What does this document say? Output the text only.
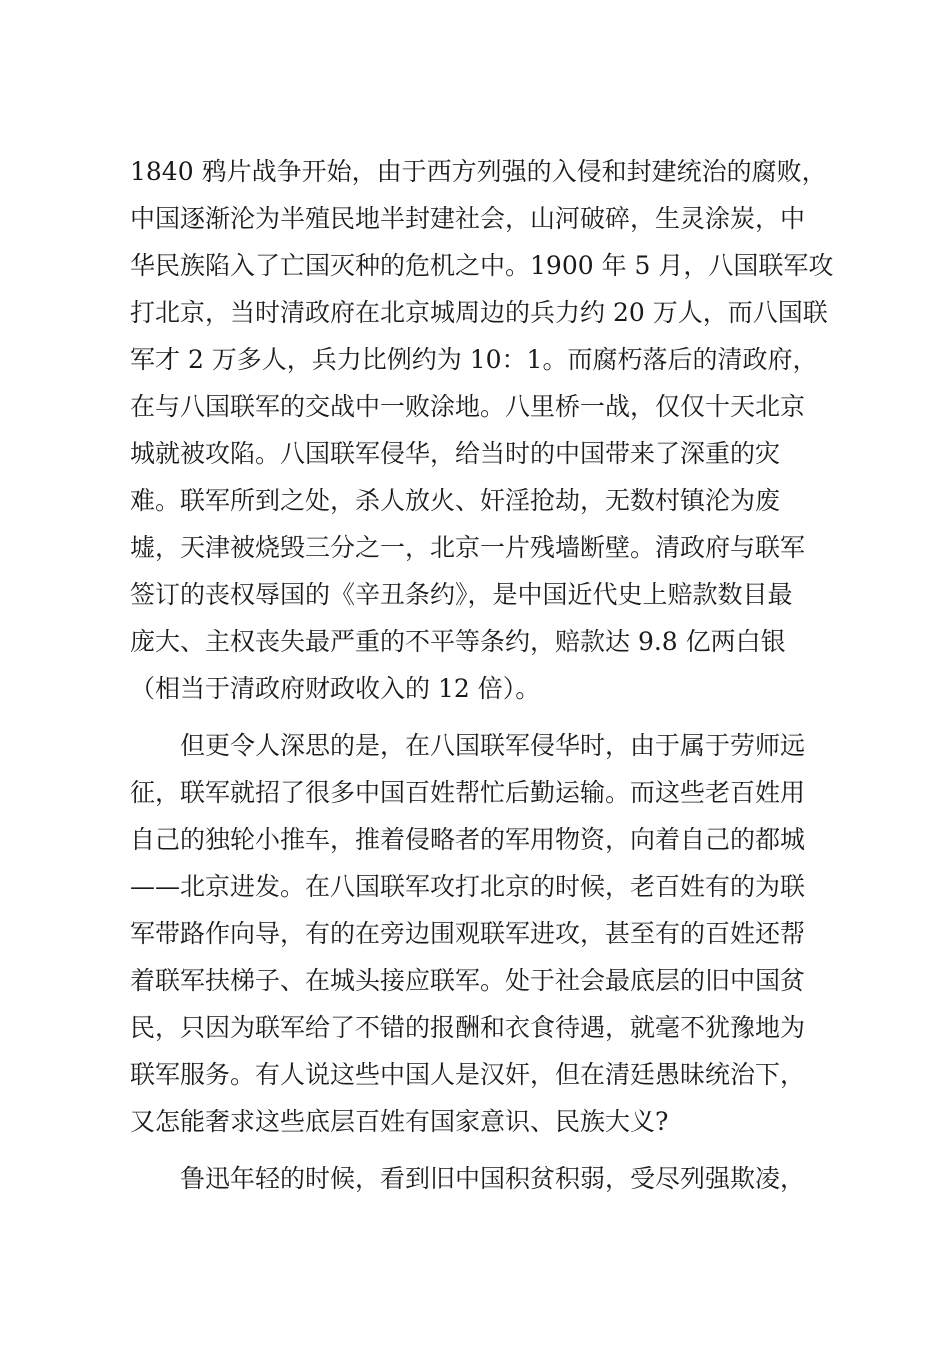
1840 鸦片战争开始，由于西方列强的入侵和封建统治的腐败，
中国逐渐沦为半殖民地半封建社会，山河破碎，生灵涂炭，中
华民族陷入了亡国灭种的危机之中。1900 年 5 月，八国联军攻
打北京，当时清政府在北京城周边的兵力约 20 万人，而八国联
军才 2 万多人，兵力比例约为 10：1。而腐朽落后的清政府，
在与八国联军的交战中一败涂地。八里桥一战，仅仅十天北京
城就被攻陷。八国联军侵华，给当时的中国带来了深重的灾
难。联军所到之处，杀人放火、奸淫抢劫，无数村镇沦为废
墟，天津被烧毁三分之一，北京一片残墙断壁。清政府与联军
签订的丧权辱国的《辛丑条约》，是中国近代史上赔款数目最
庞大、主权丧失最严重的不平等条约，赔款达 9.8 亿两白银
（相当于清政府财政收入的 12 倍）。
但更令人深思的是，在八国联军侵华时，由于属于劳师远
征，联军就招了很多中国百姓帮忙后勤运输。而这些老百姓用
自己的独轮小推车，推着侵略者的军用物资，向着自己的都城
——北京进发。在八国联军攻打北京的时候，老百姓有的为联
军带路作向导，有的在旁边围观联军进攻，甚至有的百姓还帮
着联军扶梯子、在城头接应联军。处于社会最底层的旧中国贫
民，只因为联军给了不错的报酬和衣食待遇，就毫不犹豫地为
联军服务。有人说这些中国人是汉奸，但在清廷愚昧统治下，
又怎能奢求这些底层百姓有国家意识、民族大义?
鲁迅年轻的时候，看到旧中国积贫积弱，受尽列强欺凌，
